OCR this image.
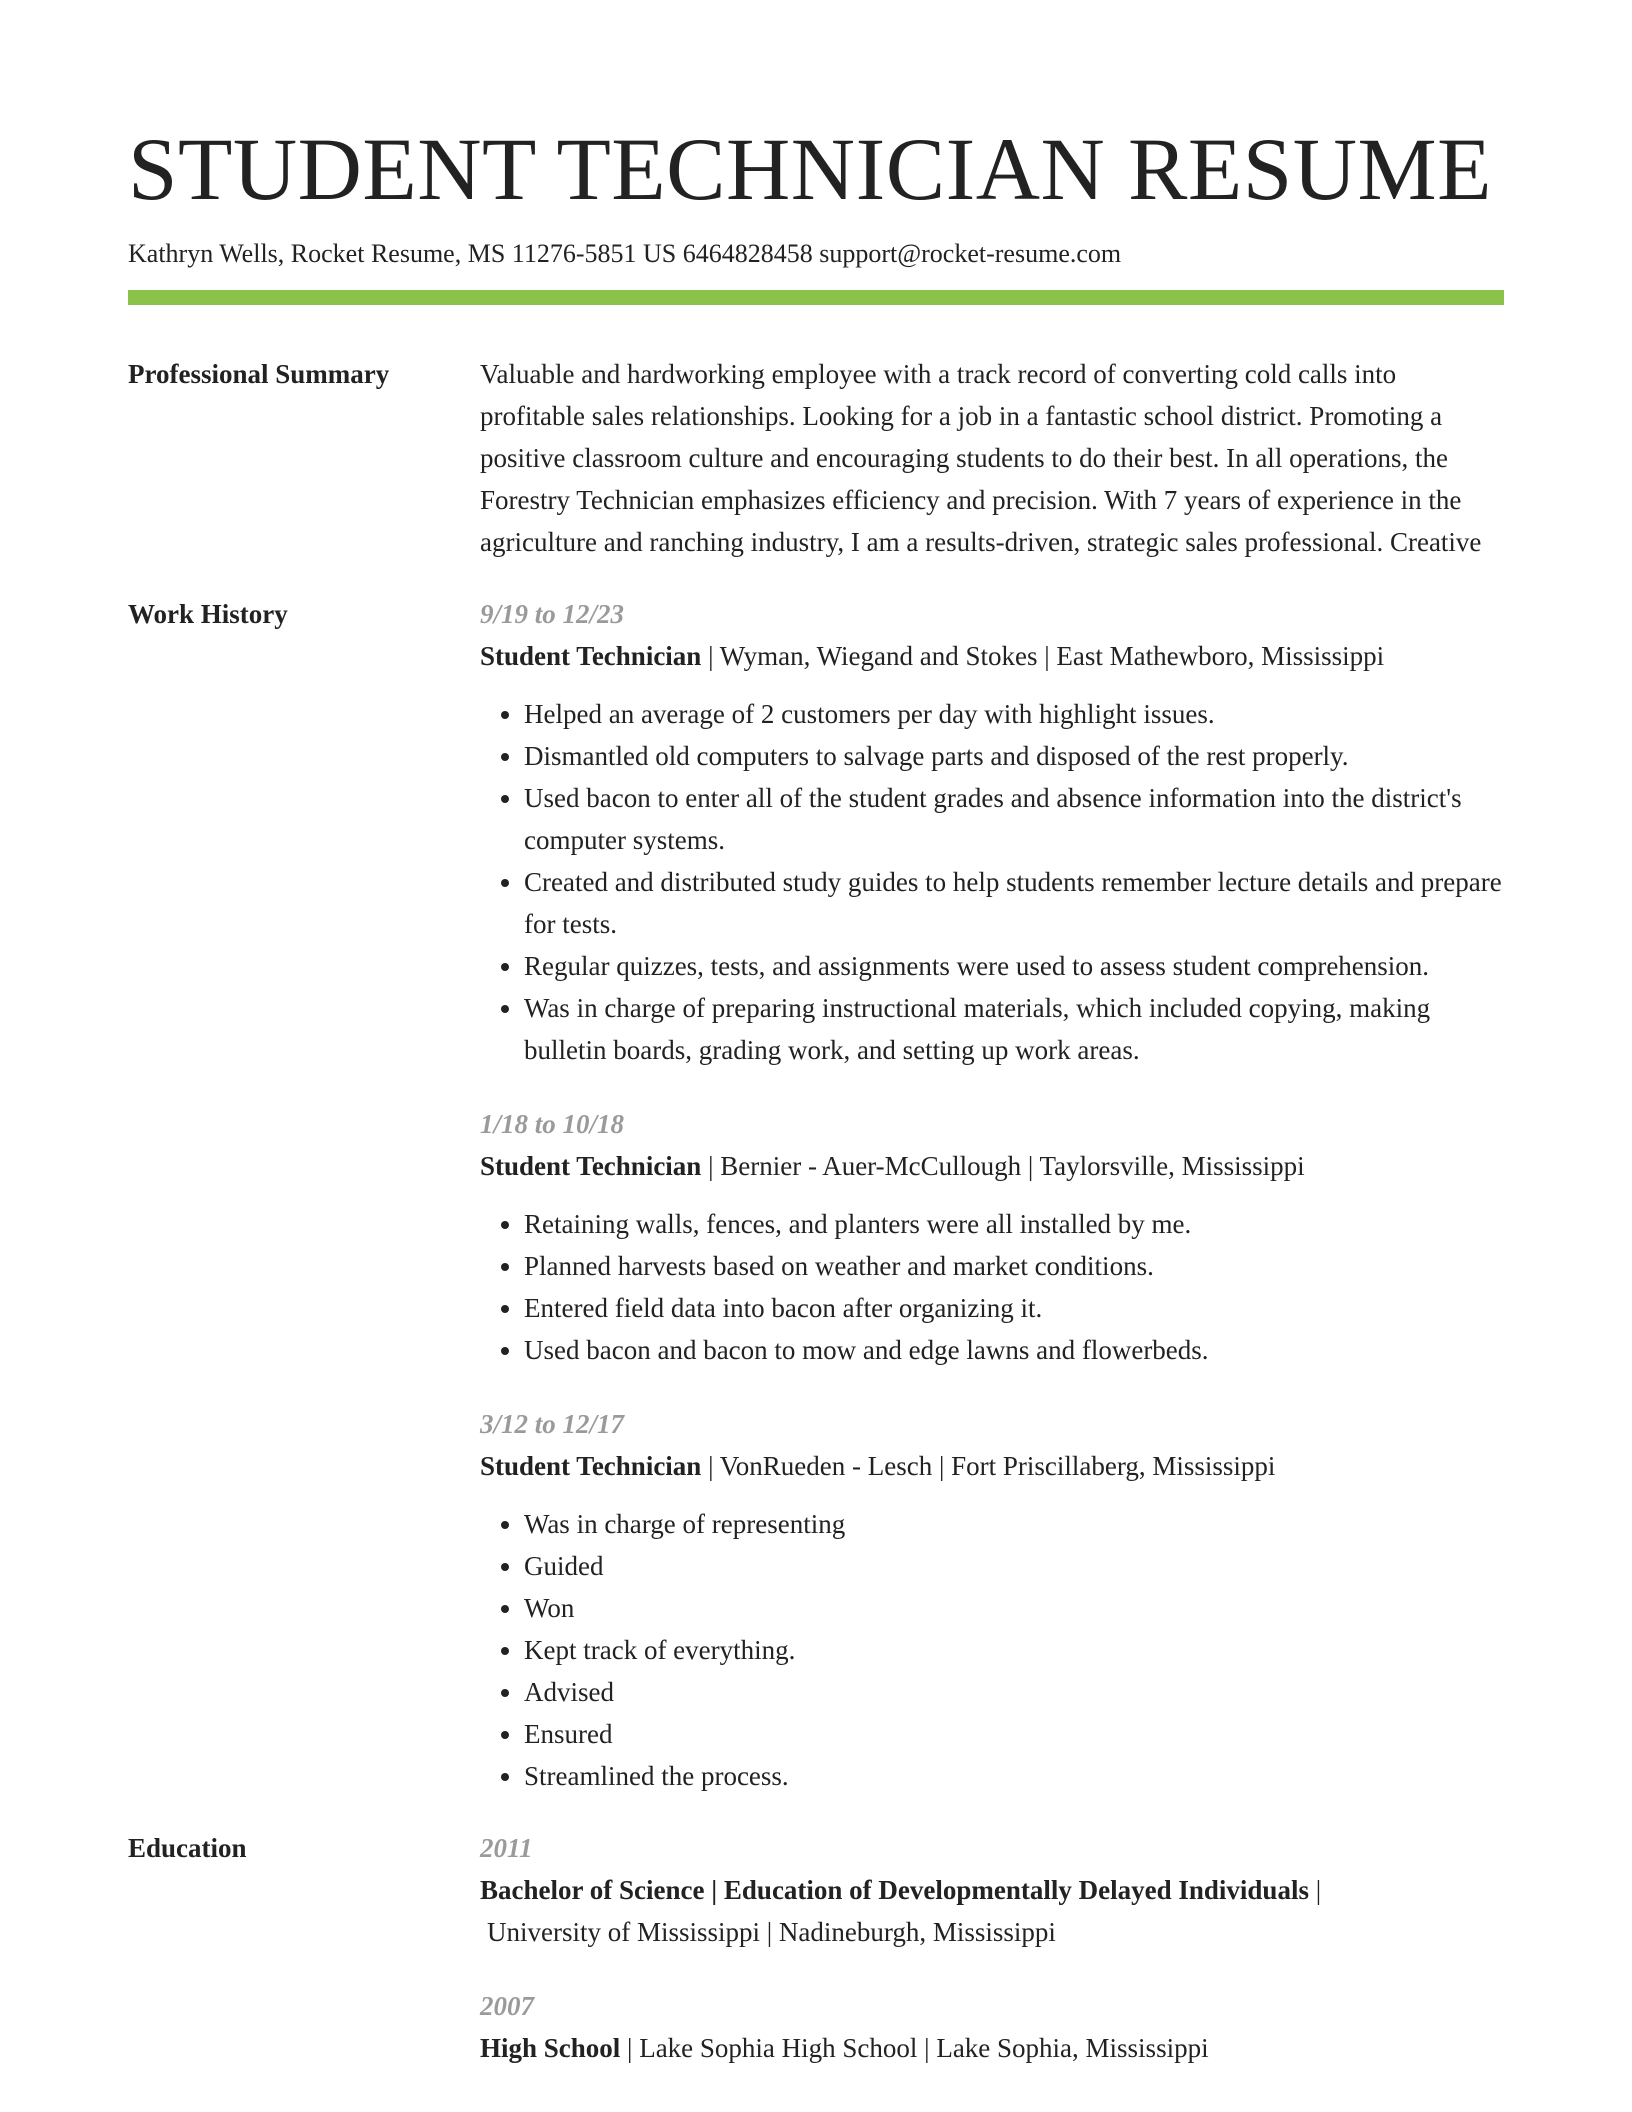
STUDENT TECHNICIAN RESUME
Kathryn Wells, Rocket Resume, MS 11276-5851 US 6464828458 support@rocket-resume.com
Professional Summary	Valuable and hardworking employee with a track record of converting cold calls into profitable sales relationships. Looking for a job in a fantastic school district. Promoting a positive classroom culture and encouraging students to do their best. In all operations, the Forestry Technician emphasizes efficiency and precision. With 7 years of experience in the agriculture and ranching industry, I am a results-driven, strategic sales professional. Creative
Work History	9/19 to 12/23
Student Technician | Wyman, Wiegand and Stokes | East Mathewboro, Mississippi
• Helped an average of 2 customers per day with highlight issues.
• Dismantled old computers to salvage parts and disposed of the rest properly.
• Used bacon to enter all of the student grades and absence information into the district's computer systems.
• Created and distributed study guides to help students remember lecture details and prepare for tests.
• Regular quizzes, tests, and assignments were used to assess student comprehension.
• Was in charge of preparing instructional materials, which included copying, making bulletin boards, grading work, and setting up work areas.
1/18 to 10/18
Student Technician | Bernier - Auer-McCullough | Taylorsville, Mississippi
• Retaining walls, fences, and planters were all installed by me.
• Planned harvests based on weather and market conditions.
• Entered field data into bacon after organizing it.
• Used bacon and bacon to mow and edge lawns and flowerbeds.
3/12 to 12/17
Student Technician | VonRueden - Lesch | Fort Priscillaberg, Mississippi
• Was in charge of representing
• Guided
• Won
• Kept track of everything.
• Advised
• Ensured
• Streamlined the process.
Education	2011
Bachelor of Science | Education of Developmentally Delayed Individuals |
University of Mississippi | Nadineburgh, Mississippi
2007
High School | Lake Sophia High School | Lake Sophia, Mississippi
